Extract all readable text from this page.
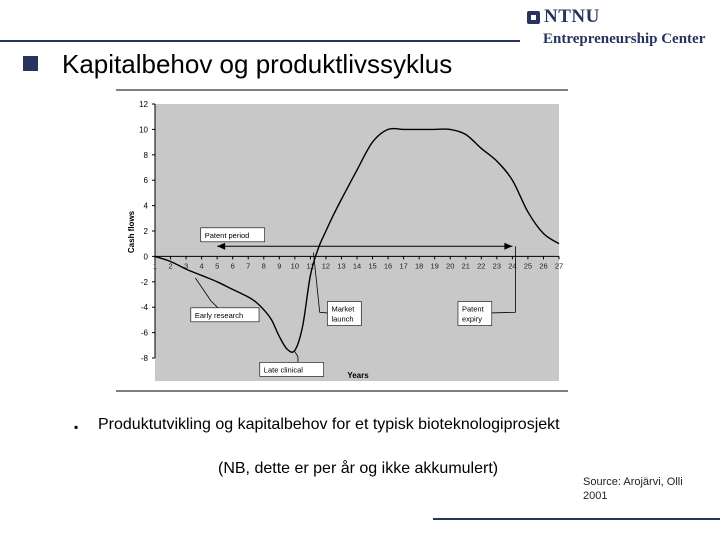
NTNU
Entrepreneurship Center
Kapitalbehov og produktlivssyklus
-8
-6
-4
-2
0
2
4
6
8
10
12
1 2 3 4 5 6 7 8 9 10 11 12 13 14 15 16 17 18 19 20 21 22 23 24 25 26 27
Patent period
Early research
Late clinical
Market launch
Patent expiry
Cash flows
Years
▪ Produktutvikling og kapitalbehov for et typisk bioteknologiprosjekt
(NB, dette er per år og ikke akkumulert)
Source: Arojärvi, Olli
2001
